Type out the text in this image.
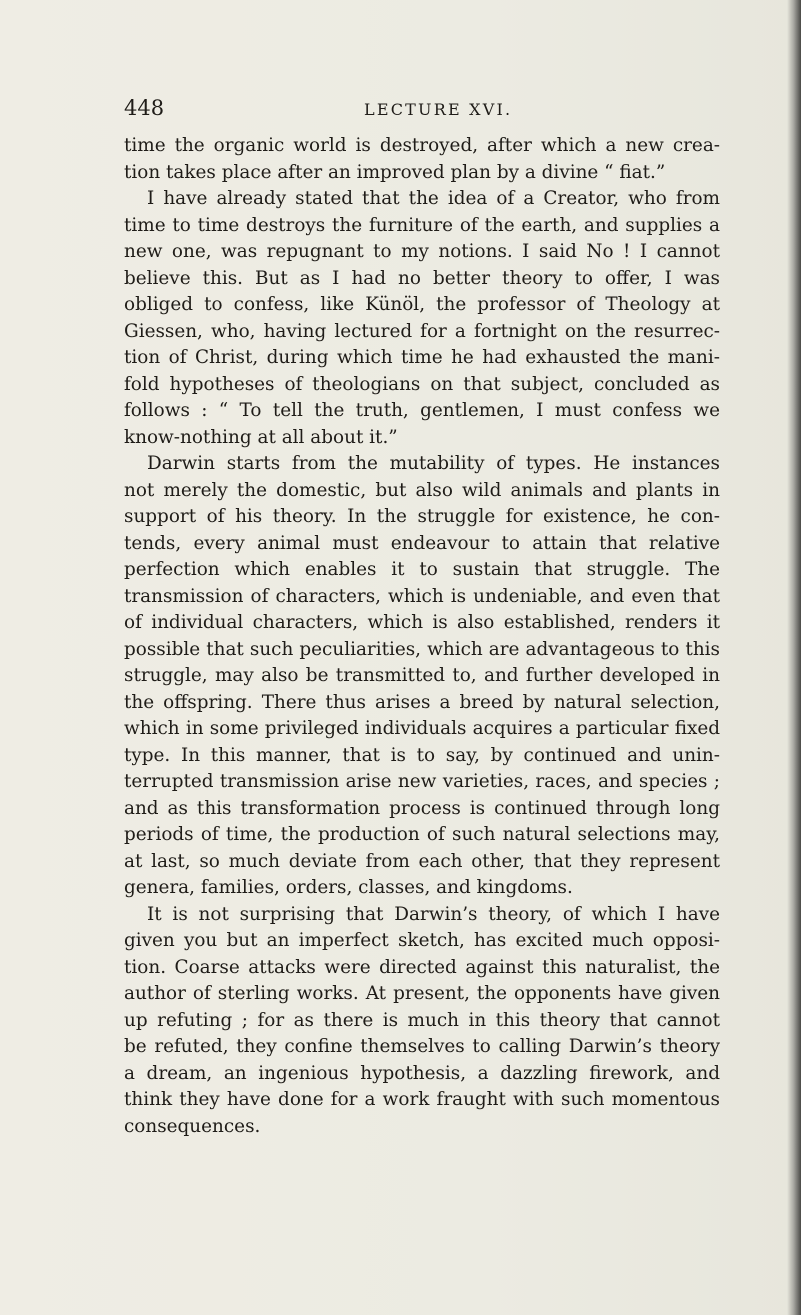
448	LECTURE XVI.
time the organic world is destroyed, after which a new crea-
tion takes place after an improved plan by a divine “ fiat.”
I have already stated that the idea of a Creator, who from
time to time destroys the furniture of the earth, and supplies a
new one, was repugnant to my notions. I said No ! I cannot
believe this. But as I had no better theory to offer, I was
obliged to confess, like Künöl, the professor of Theology at
Giessen, who, having lectured for a fortnight on the resurrec-
tion of Christ, during which time he had exhausted the mani-
fold hypotheses of theologians on that subject, concluded as
follows : “ To tell the truth, gentlemen, I must confess we
know-nothing at all about it.”
Darwin starts from the mutability of types. He instances
not merely the domestic, but also wild animals and plants in
support of his theory. In the struggle for existence, he con-
tends, every animal must endeavour to attain that relative
perfection which enables it to sustain that struggle. The
transmission of characters, which is undeniable, and even that
of individual characters, which is also established, renders it
possible that such peculiarities, which are advantageous to this
struggle, may also be transmitted to, and further developed in
the offspring. There thus arises a breed by natural selection,
which in some privileged individuals acquires a particular fixed
type. In this manner, that is to say, by continued and unin-
terrupted transmission arise new varieties, races, and species ;
and as this transformation process is continued through long
periods of time, the production of such natural selections may,
at last, so much deviate from each other, that they represent
genera, families, orders, classes, and kingdoms.
It is not surprising that Darwin’s theory, of which I have
given you but an imperfect sketch, has excited much opposi-
tion. Coarse attacks were directed against this naturalist, the
author of sterling works. At present, the opponents have given
up refuting ; for as there is much in this theory that cannot
be refuted, they confine themselves to calling Darwin’s theory
a dream, an ingenious hypothesis, a dazzling firework, and
think they have done for a work fraught with such momentous
consequences.
